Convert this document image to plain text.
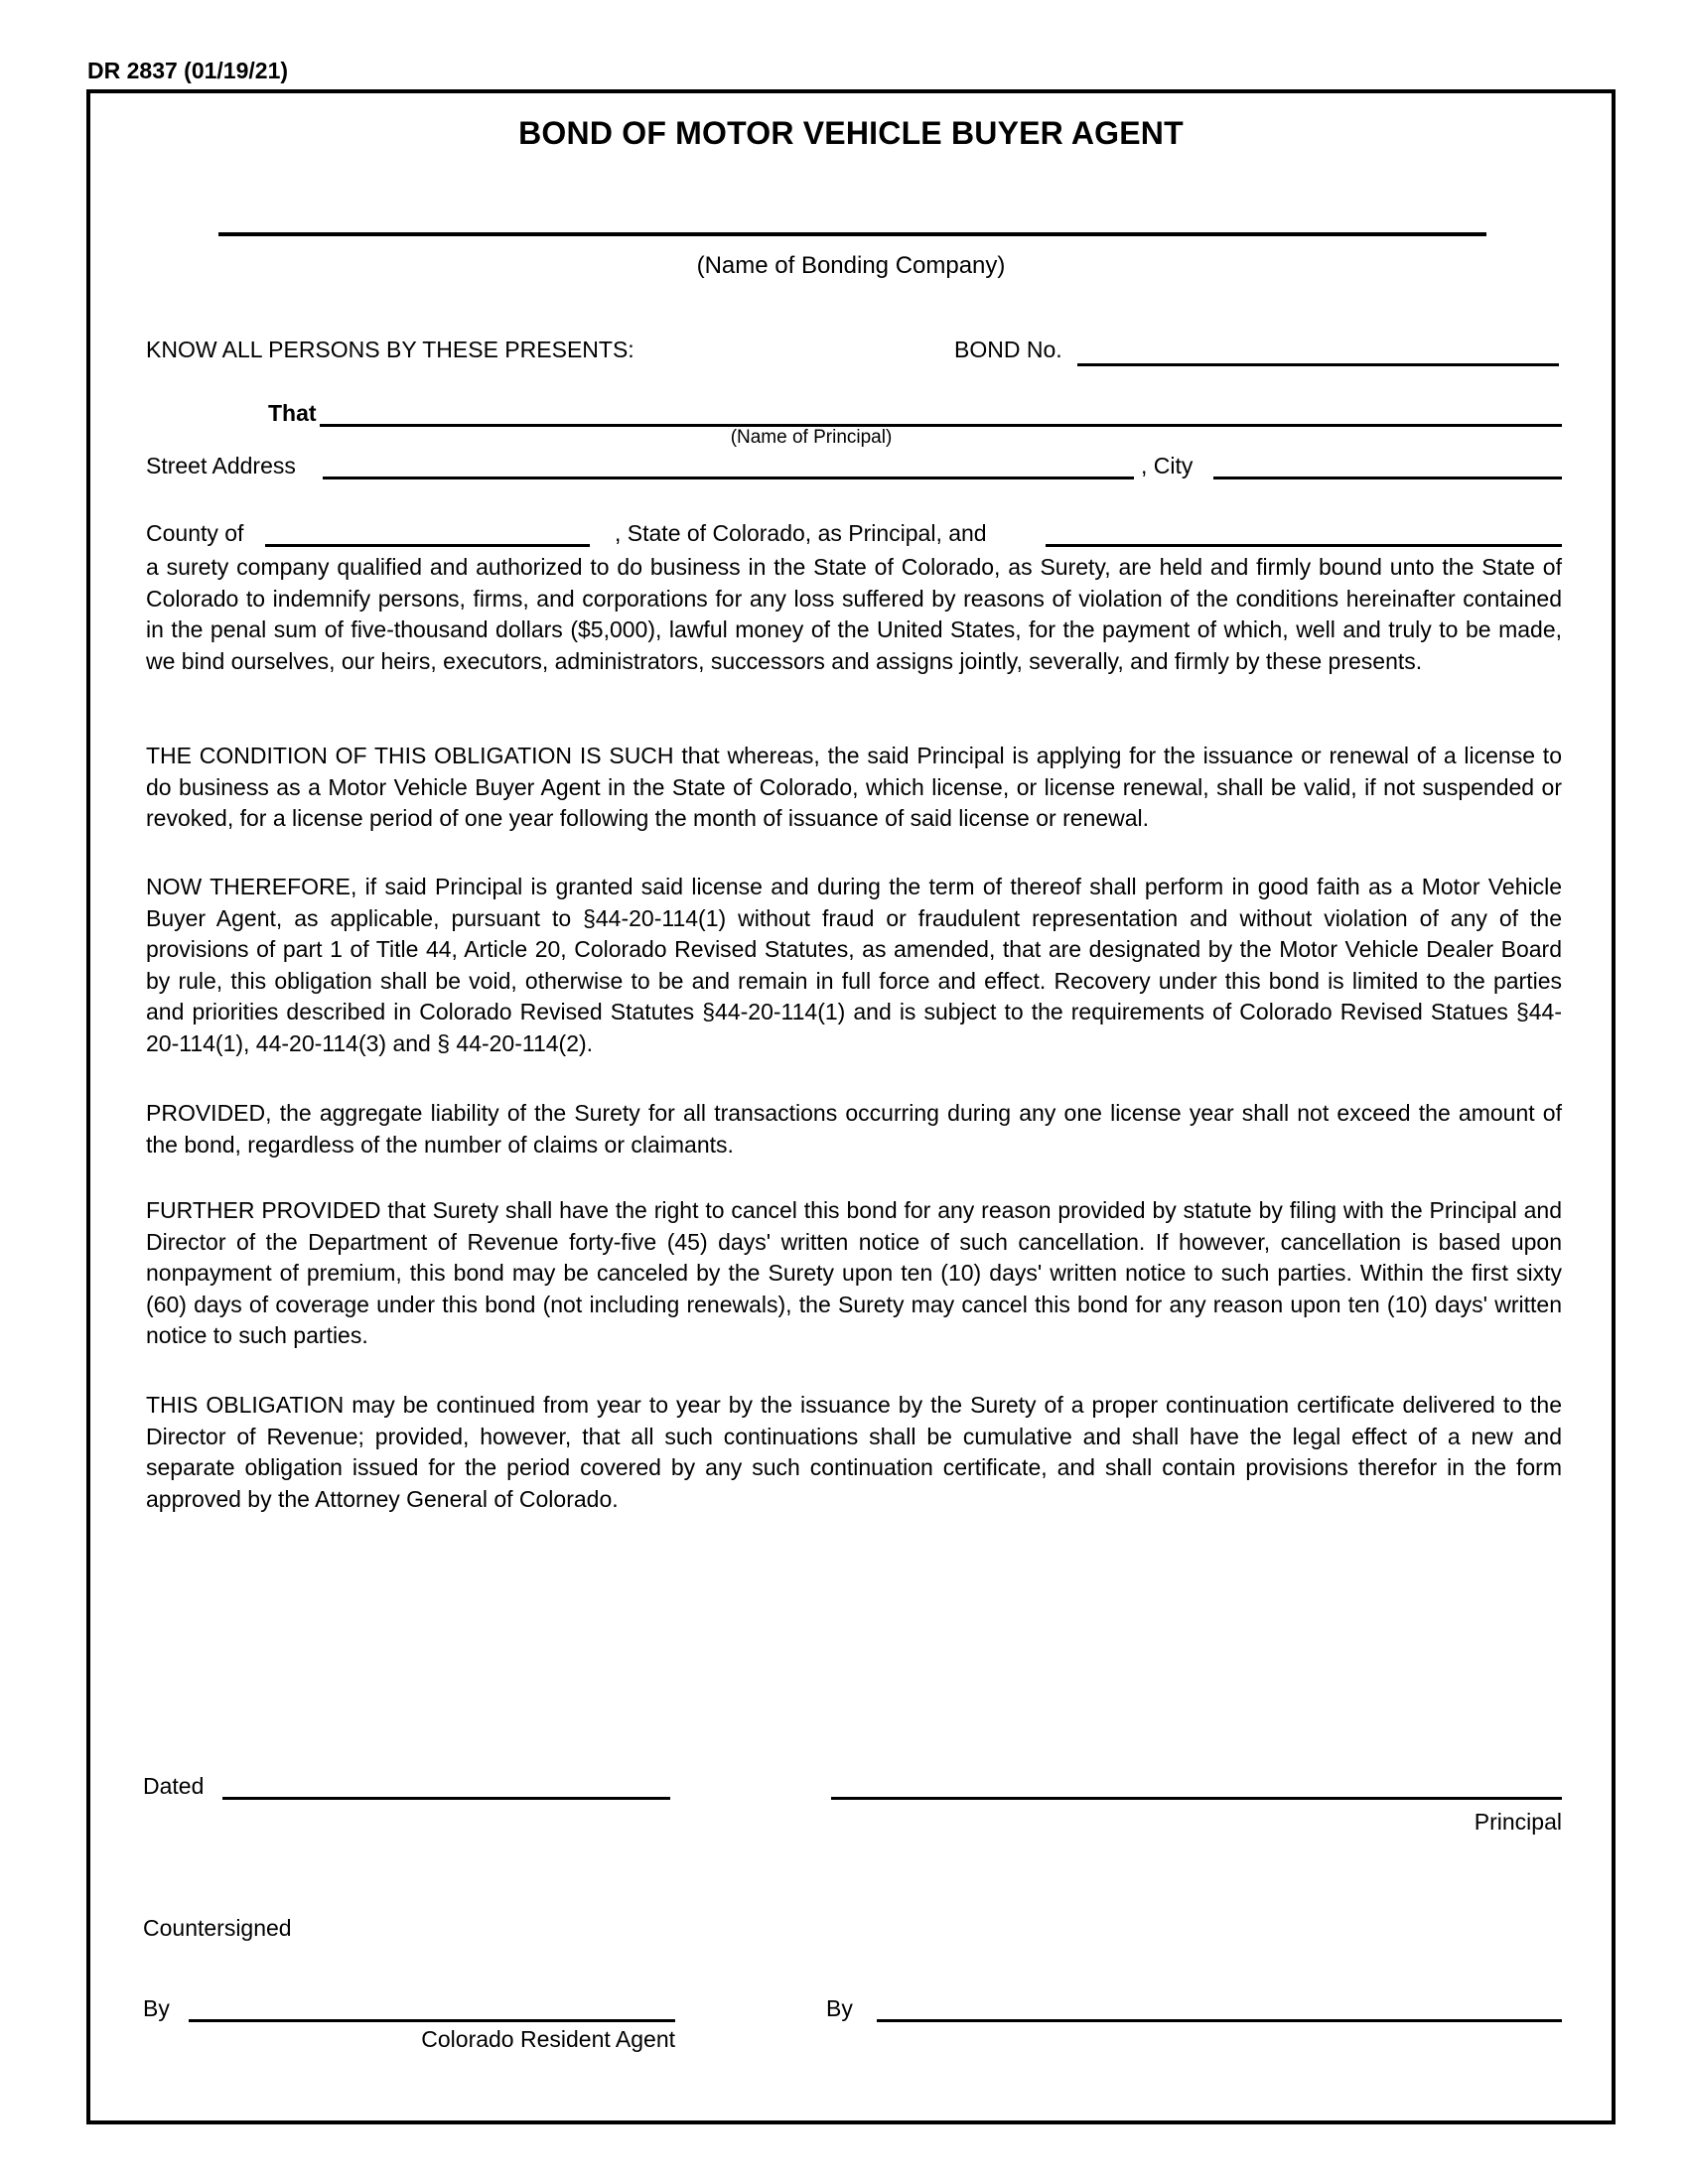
DR 2837 (01/19/21)
BOND OF MOTOR VEHICLE BUYER AGENT
(Name of Bonding Company)
KNOW ALL PERSONS BY THESE PRESENTS:	BOND No.
That
(Name of Principal)
Street Address	, City
County of	, State of Colorado, as Principal, and
a surety company qualified and authorized to do business in the State of Colorado, as Surety, are held and firmly bound unto the State of Colorado to indemnify persons, firms, and corporations for any loss suffered by reasons of violation of the conditions hereinafter contained in the penal sum of five-thousand dollars ($5,000), lawful money of the United States, for the payment of which, well and truly to be made, we bind ourselves, our heirs, executors, administrators, successors and assigns jointly, severally, and firmly by these presents.
THE CONDITION OF THIS OBLIGATION IS SUCH that whereas, the said Principal is applying for the issuance or renewal of a license to do business as a Motor Vehicle Buyer Agent in the State of Colorado, which license, or license renewal, shall be valid, if not suspended or revoked, for a license period of one year following the month of issuance of said license or renewal.
NOW THEREFORE, if said Principal is granted said license and during the term of thereof shall perform in good faith as a Motor Vehicle Buyer Agent, as applicable, pursuant to §44-20-114(1) without fraud or fraudulent representation and without violation of any of the provisions of part 1 of Title 44, Article 20, Colorado Revised Statutes, as amended, that are designated by the Motor Vehicle Dealer Board by rule, this obligation shall be void, otherwise to be and remain in full force and effect. Recovery under this bond is limited to the parties and priorities described in Colorado Revised Statutes §44-20-114(1) and is subject to the requirements of Colorado Revised Statues §44-20-114(1), 44-20-114(3) and § 44-20-114(2).
PROVIDED, the aggregate liability of the Surety for all transactions occurring during any one license year shall not exceed the amount of the bond, regardless of the number of claims or claimants.
FURTHER PROVIDED that Surety shall have the right to cancel this bond for any reason provided by statute by filing with the Principal and Director of the Department of Revenue forty-five (45) days' written notice of such cancellation. If however, cancellation is based upon nonpayment of premium, this bond may be canceled by the Surety upon ten (10) days' written notice to such parties. Within the first sixty (60) days of coverage under this bond (not including renewals), the Surety may cancel this bond for any reason upon ten (10) days' written notice to such parties.
THIS OBLIGATION may be continued from year to year by the issuance by the Surety of a proper continuation certificate delivered to the Director of Revenue; provided, however, that all such continuations shall be cumulative and shall have the legal effect of a new and separate obligation issued for the period covered by any such continuation certificate, and shall contain provisions therefor in the form approved by the Attorney General of Colorado.
Dated
Principal
Countersigned
By
Colorado Resident Agent
By
